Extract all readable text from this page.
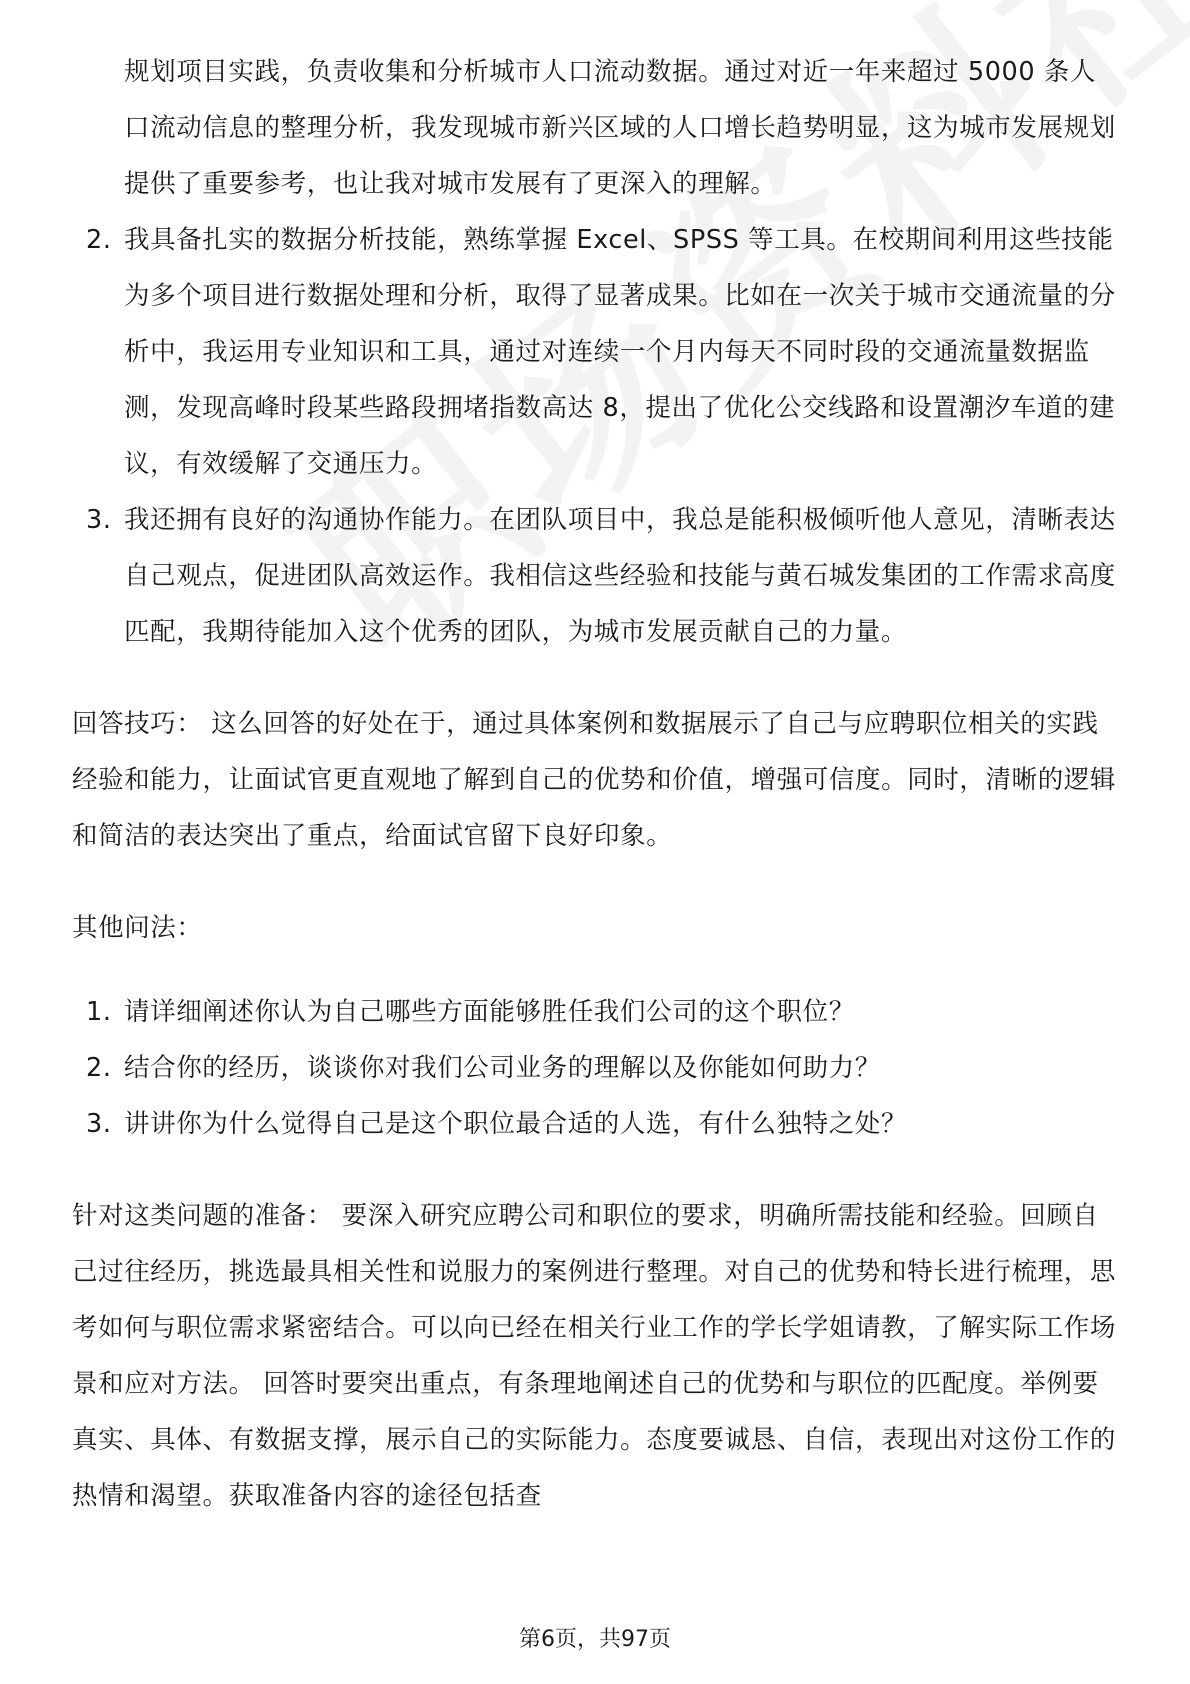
规划项目实践，负责收集和分析城市人口流动数据。通过对近一年来超过 5000 条人口流动信息的整理分析，我发现城市新兴区域的人口增长趋势明显，这为城市发展规划提供了重要参考，也让我对城市发展有了更深入的理解。

2. 我具备扎实的数据分析技能，熟练掌握 Excel、SPSS 等工具。在校期间利用这些技能为多个项目进行数据处理和分析，取得了显著成果。比如在一次关于城市交通流量的分析中，我运用专业知识和工具，通过对连续一个月内每天不同时段的交通流量数据监测，发现高峰时段某些路段拥堵指数高达 8，提出了优化公交线路和设置潮汐车道的建议，有效缓解了交通压力。
3. 我还拥有良好的沟通协作能力。在团队项目中，我总是能积极倾听他人意见，清晰表达自己观点，促进团队高效运作。我相信这些经验和技能与黄石城发集团的工作需求高度匹配，我期待能加入这个优秀的团队，为城市发展贡献自己的力量。

回答技巧： 这么回答的好处在于，通过具体案例和数据展示了自己与应聘职位相关的实践经验和能力，让面试官更直观地了解到自己的优势和价值，增强可信度。同时，清晰的逻辑和简洁的表达突出了重点，给面试官留下良好印象。

其他问法：

1. 请详细阐述你认为自己哪些方面能够胜任我们公司的这个职位？
2. 结合你的经历，谈谈你对我们公司业务的理解以及你能如何助力？
3. 讲讲你为什么觉得自己是这个职位最合适的人选，有什么独特之处？

针对这类问题的准备： 要深入研究应聘公司和职位的要求，明确所需技能和经验。回顾自己过往经历，挑选最具相关性和说服力的案例进行整理。对自己的优势和特长进行梳理，思考如何与职位需求紧密结合。可以向已经在相关行业工作的学长学姐请教，了解实际工作场景和应对方法。 回答时要突出重点，有条理地阐述自己的优势和与职位的匹配度。举例要真实、具体、有数据支撑，展示自己的实际能力。态度要诚恳、自信，表现出对这份工作的热情和渴望。获取准备内容的途径包括查

第6页，共97页
